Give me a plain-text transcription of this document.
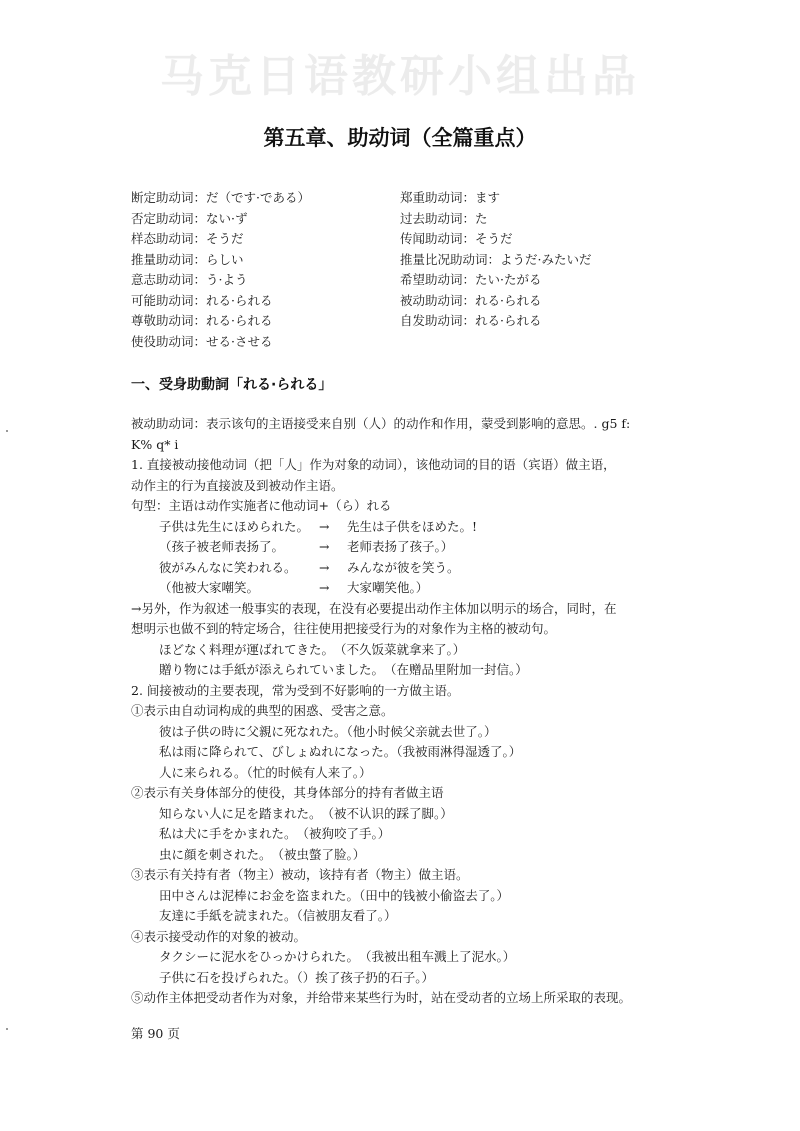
马克日语教研小组出品
第五章、助动词（全篇重点）
断定助动词：だ（です·である）
否定助动词：ない·ず
样态助动词：そうだ
推量助动词：らしい
意志助动词：う·よう
可能助动词：れる·られる
尊敬助动词：れる·られる
使役助动词：せる·させる
郑重助动词：ます
过去助动词：た
传闻助动词：そうだ
推量比况助动词：ようだ·みたいだ
希望助动词：たい·たがる
被动助动词：れる·られる
自发助动词：れる·られる
一、受身助動詞「れる·られる」
被动助动词：表示该句的主语接受来自别（人）的动作和作用，蒙受到影响的意思。. g5 f:
K% q* i
1. 直接被动接他动词（把「人」作为对象的动词），该他动词的目的语（宾语）做主语，
动作主的行为直接波及到被动作主语。
句型：主语は动作实施者に他动词+（ら）れる
子供は先生にほめられた。 → 先生は子供をほめた。!
（孩子被老师表扬了。	→ 老师表扬了孩子。）
彼がみんなに笑われる。 → みんなが彼を笑う。
（他被大家嘲笑。	→ 大家嘲笑他。）
→另外，作为叙述一般事实的表现，在没有必要提出动作主体加以明示的场合，同时，在
想明示也做不到的特定场合，往往使用把接受行为的对象作为主格的被动句。
ほどなく料理が運ばれてきた。　（不久饭菜就拿来了。）
贈り物には手紙が添えられていました。　（在赠品里附加一封信。）
2. 间接被动的主要表现，常为受到不好影响的一方做主语。
①表示由自动词构成的典型的困惑、受害之意。
彼は子供の時に父親に死なれた。（他小时候父亲就去世了。）
私は雨に降られて、びしょぬれになった。（我被雨淋得湿透了。）
人に来られる。（忙的时候有人来了。）
②表示有关身体部分的使役，其身体部分的持有者做主语
知らない人に足を踏まれた。　（被不认识的踩了脚。）
私は犬に手をかまれた。　（被狗咬了手。）
虫に顔を刺された。　（被虫螫了脸。）
③表示有关持有者（物主）被动，该持有者（物主）做主语。
田中さんは泥棒にお金を盗まれた。（田中的钱被小偷盗去了。）
友達に手紙を読まれた。（信被朋友看了。）
④表示接受动作的对象的被动。
タクシーに泥水をひっかけられた。　（我被出租车溅上了泥水。）
子供に石を投げられた。（）挨了孩子扔的石子。）
⑤动作主体把受动者作为对象，并给带来某些行为时，站在受动者的立场上所采取的表现。
第 90 页
